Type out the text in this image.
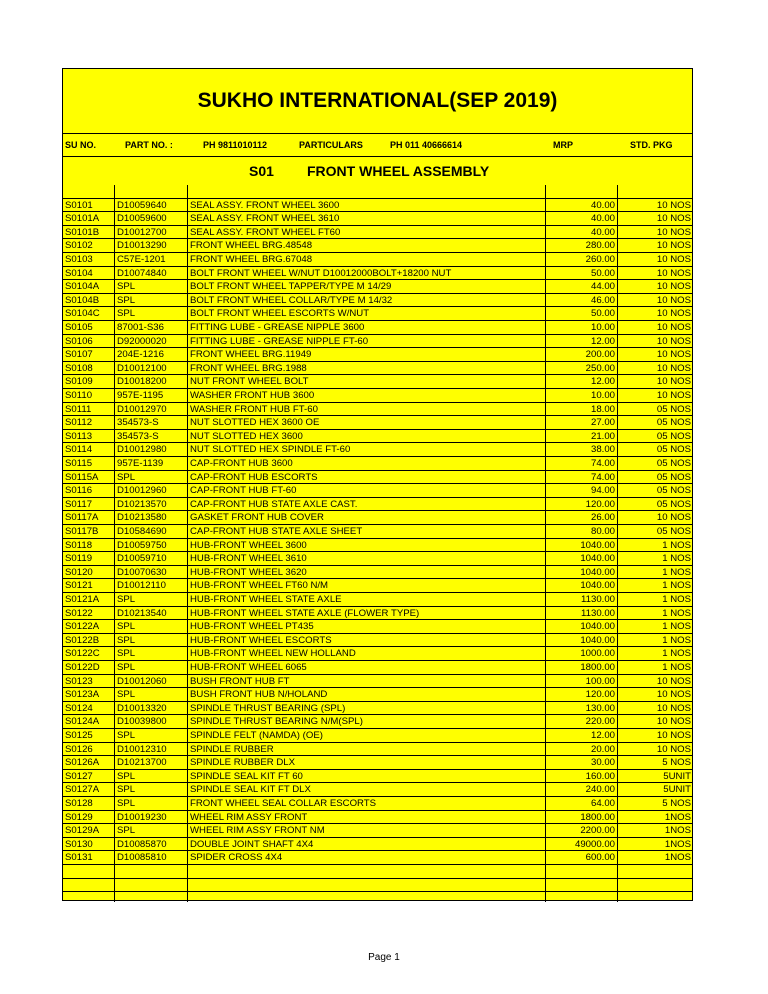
SUKHO INTERNATIONAL(SEP 2019)
SU NO.	PART NO. :	PH 9811010112	PARTICULARS	PH 011 40666614	MRP	STD. PKG
S01 FRONT WHEEL ASSEMBLY
S0101	D10059640	SEAL ASSY. FRONT WHEEL 3600	40.00	10 NOS
S0101A	D10059600	SEAL ASSY. FRONT WHEEL 3610	40.00	10 NOS
S0101B	D10012700	SEAL ASSY. FRONT WHEEL FT60	40.00	10 NOS
S0102	D10013290	FRONT WHEEL BRG.48548	280.00	10 NOS
S0103	C57E-1201	FRONT WHEEL BRG.67048	260.00	10 NOS
S0104	D10074840	BOLT FRONT WHEEL W/NUT D10012000BOLT+18200 NUT	50.00	10 NOS
S0104A	SPL	BOLT FRONT WHEEL TAPPER/TYPE M 14/29	44.00	10 NOS
S0104B	SPL	BOLT FRONT WHEEL COLLAR/TYPE M 14/32	46.00	10 NOS
S0104C	SPL	BOLT FRONT WHEEL ESCORTS W/NUT	50.00	10 NOS
S0105	87001-S36	FITTING LUBE - GREASE NIPPLE 3600	10.00	10 NOS
S0106	D92000020	FITTING LUBE - GREASE NIPPLE FT-60	12.00	10 NOS
S0107	204E-1216	FRONT WHEEL BRG.11949	200.00	10 NOS
S0108	D10012100	FRONT WHEEL BRG.1988	250.00	10 NOS
S0109	D10018200	NUT FRONT WHEEL BOLT	12.00	10 NOS
S0110	957E-1195	WASHER FRONT HUB 3600	10.00	10 NOS
S0111	D10012970	WASHER FRONT HUB FT-60	18.00	05 NOS
S0112	354573-S	NUT SLOTTED HEX 3600 OE	27.00	05 NOS
S0113	354573-S	NUT SLOTTED HEX 3600	21.00	05 NOS
S0114	D10012980	NUT SLOTTED HEX SPINDLE FT-60	38.00	05 NOS
S0115	957E-1139	CAP-FRONT HUB 3600	74.00	05 NOS
S0115A	SPL	CAP-FRONT HUB ESCORTS	74.00	05 NOS
S0116	D10012960	CAP-FRONT HUB FT-60	94.00	05 NOS
S0117	D10213570	CAP-FRONT HUB STATE AXLE CAST.	120.00	05 NOS
S0117A	D10213580	GASKET FRONT HUB COVER	26.00	10 NOS
S0117B	D10584690	CAP-FRONT HUB STATE AXLE SHEET	80.00	05 NOS
S0118	D10059750	HUB-FRONT WHEEL 3600	1040.00	1 NOS
S0119	D10059710	HUB-FRONT WHEEL 3610	1040.00	1 NOS
S0120	D10070630	HUB-FRONT WHEEL 3620	1040.00	1 NOS
S0121	D10012110	HUB-FRONT WHEEL FT60 N/M	1040.00	1 NOS
S0121A	SPL	HUB-FRONT WHEEL STATE AXLE	1130.00	1 NOS
S0122	D10213540	HUB-FRONT WHEEL STATE AXLE (FLOWER TYPE)	1130.00	1 NOS
S0122A	SPL	HUB-FRONT WHEEL PT435	1040.00	1 NOS
S0122B	SPL	HUB-FRONT WHEEL ESCORTS	1040.00	1 NOS
S0122C	SPL	HUB-FRONT WHEEL NEW HOLLAND	1000.00	1 NOS
S0122D	SPL	HUB-FRONT WHEEL 6065	1800.00	1 NOS
S0123	D10012060	BUSH FRONT HUB FT	100.00	10 NOS
S0123A	SPL	BUSH FRONT HUB N/HOLAND	120.00	10 NOS
S0124	D10013320	SPINDLE THRUST BEARING (SPL)	130.00	10 NOS
S0124A	D10039800	SPINDLE THRUST BEARING N/M(SPL)	220.00	10 NOS
S0125	SPL	SPINDLE FELT (NAMDA) (OE)	12.00	10 NOS
S0126	D10012310	SPINDLE RUBBER	20.00	10 NOS
S0126A	D10213700	SPINDLE RUBBER DLX	30.00	5 NOS
S0127	SPL	SPINDLE SEAL KIT FT 60	160.00	5UNIT
S0127A	SPL	SPINDLE SEAL KIT FT DLX	240.00	5UNIT
S0128	SPL	FRONT WHEEL SEAL COLLAR ESCORTS	64.00	5 NOS
S0129	D10019230	WHEEL RIM ASSY FRONT	1800.00	1NOS
S0129A	SPL	WHEEL RIM ASSY FRONT NM	2200.00	1NOS
S0130	D10085870	DOUBLE JOINT SHAFT 4X4	49000.00	1NOS
S0131	D10085810	SPIDER CROSS 4X4	600.00	1NOS
Page 1
